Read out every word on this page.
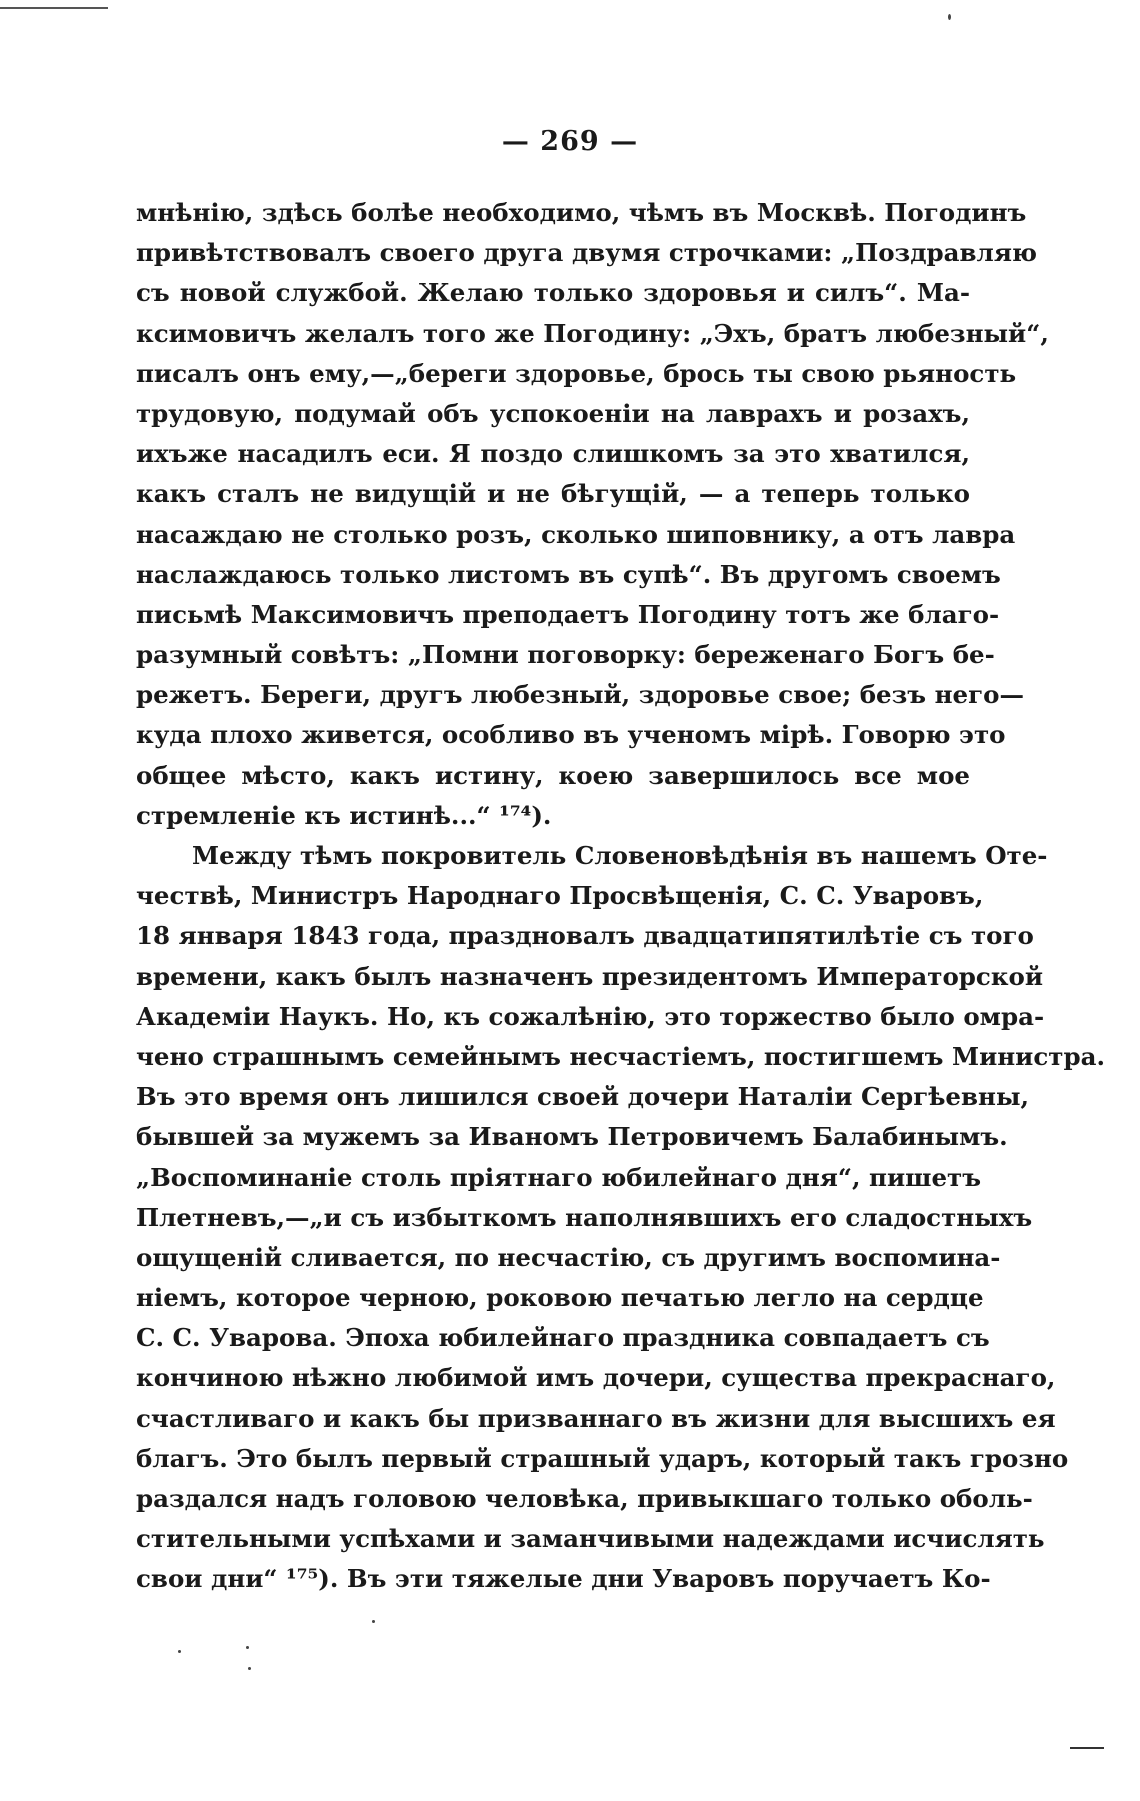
— 269 —
мнѣнію, здѣсь болѣе необходимо, чѣмъ въ Москвѣ. Погодинъ
привѣтствовалъ своего друга двумя строчками: „Поздравляю
съ новой службой. Желаю только здоровья и силъ“. Ма-
ксимовичъ желалъ того же Погодину: „Эхъ, братъ любезный“,
писалъ онъ ему,—„береги здоровье, брось ты свою рьяность
трудовую, подумай объ успокоеніи на лаврахъ и розахъ,
ихъже насадилъ еси. Я поздо слишкомъ за это хватился,
какъ сталъ не видущій и не бѣгущій, — а теперь только
насаждаю не столько розъ, сколько шиповнику, а отъ лавра
наслаждаюсь только листомъ въ супѣ“. Въ другомъ своемъ
письмѣ Максимовичъ преподаетъ Погодину тотъ же благо-
разумный совѣтъ: „Помни поговорку: береженаго Богъ бе-
режетъ. Береги, другъ любезный, здоровье свое; безъ него—
куда плохо живется, особливо въ ученомъ мірѣ. Говорю это
общее мѣсто, какъ истину, коею завершилось все мое
стремленіе къ истинѣ...“ ¹⁷⁴).
Между тѣмъ покровитель Словеновѣдѣнія въ нашемъ Оте-
чествѣ, Министръ Народнаго Просвѣщенія, С. С. Уваровъ,
18 января 1843 года, праздновалъ двадцатипятилѣтіе съ того
времени, какъ былъ назначенъ президентомъ Императорской
Академіи Наукъ. Но, къ сожалѣнію, это торжество было омра-
чено страшнымъ семейнымъ несчастіемъ, постигшемъ Министра.
Въ это время онъ лишился своей дочери Наталіи Сергѣевны,
бывшей за мужемъ за Иваномъ Петровичемъ Балабинымъ.
„Воспоминаніе столь пріятнаго юбилейнаго дня“, пишетъ
Плетневъ,—„и съ избыткомъ наполнявшихъ его сладостныхъ
ощущеній сливается, по несчастію, съ другимъ воспомина-
ніемъ, которое черною, роковою печатью легло на сердце
С. С. Уварова. Эпоха юбилейнаго праздника совпадаетъ съ
кончиною нѣжно любимой имъ дочери, существа прекраснаго,
счастливаго и какъ бы призваннаго въ жизни для высшихъ ея
благъ. Это былъ первый страшный ударъ, который такъ грозно
раздался надъ головою человѣка, привыкшаго только оболь-
стительными успѣхами и заманчивыми надеждами исчислять
свои дни“ ¹⁷⁵). Въ эти тяжелые дни Уваровъ поручаетъ Ко-
